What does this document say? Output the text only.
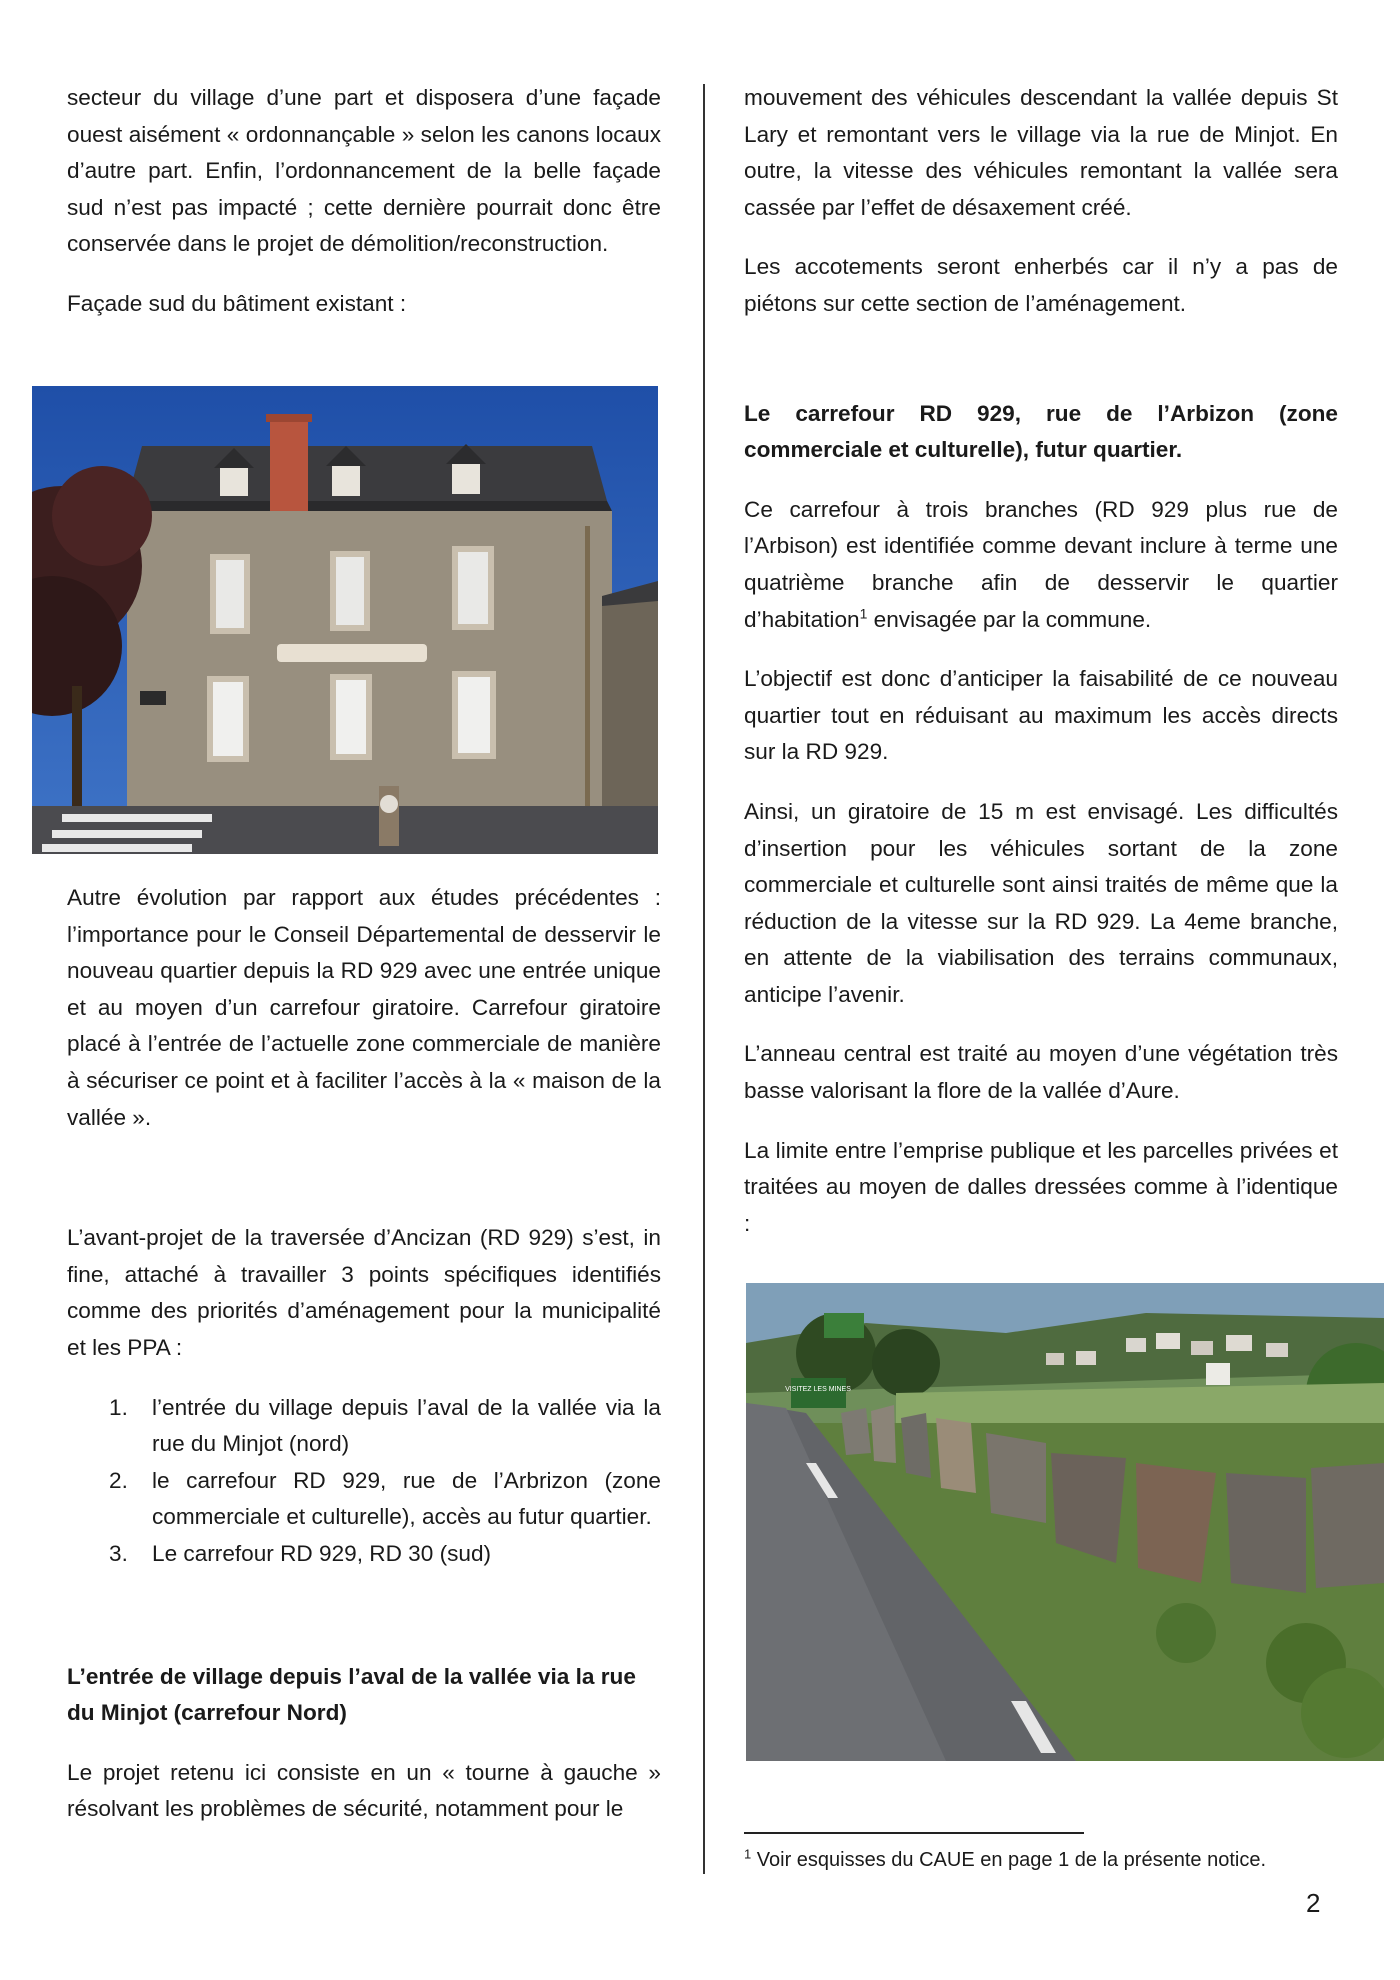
secteur du village d’une part et disposera d’une façade ouest aisément « ordonnançable » selon les canons locaux d’autre part. Enfin, l’ordonnancement de la belle façade sud n’est pas impacté ; cette dernière pourrait donc être conservée dans le projet de démolition/reconstruction.

Façade sud du bâtiment existant :

Autre évolution par rapport aux études précédentes : l’importance pour le Conseil Départemental de desservir le nouveau quartier depuis la RD 929 avec une entrée unique et au moyen d’un carrefour giratoire. Carrefour giratoire placé à l’entrée de l’actuelle zone commerciale de manière à sécuriser ce point et à faciliter l’accès à la « maison de la vallée ».

L’avant-projet de la traversée d’Ancizan (RD 929) s’est, in fine, attaché à travailler 3 points spécifiques identifiés comme des priorités d’aménagement pour la municipalité et les PPA :

1. l’entrée du village depuis l’aval de la vallée via la rue du Minjot (nord)
2. le carrefour RD 929, rue de l’Arbrizon (zone commerciale et culturelle), accès au futur quartier.
3. Le carrefour RD 929, RD 30 (sud)

L’entrée de village depuis l’aval de la vallée via la rue du Minjot (carrefour Nord)

Le projet retenu ici consiste en un « tourne à gauche » résolvant les problèmes de sécurité, notamment pour le

mouvement des véhicules descendant la vallée depuis St Lary et remontant vers le village via la rue de Minjot. En outre, la vitesse des véhicules remontant la vallée sera cassée par l’effet de désaxement créé.

Les accotements seront enherbés car il n’y a pas de piétons sur cette section de l’aménagement.

Le carrefour RD 929, rue de l’Arbizon (zone commerciale et culturelle), futur quartier.

Ce carrefour à trois branches (RD 929 plus rue de l’Arbison) est identifiée comme devant inclure à terme une quatrième branche afin de desservir le quartier d’habitation$^1$ envisagée par la commune.

L’objectif est donc d’anticiper la faisabilité de ce nouveau quartier tout en réduisant au maximum les accès directs sur la RD 929.

Ainsi, un giratoire de 15 m est envisagé. Les difficultés d’insertion pour les véhicules sortant de la zone commerciale et culturelle sont ainsi traités de même que la réduction de la vitesse sur la RD 929. La 4eme branche, en attente de la viabilisation des terrains communaux, anticipe l’avenir.

L’anneau central est traité au moyen d’une végétation très basse valorisant la flore de la vallée d’Aure.

La limite entre l’emprise publique et les parcelles privées et traitées au moyen de dalles dressées comme à l’identique :

VISITEZ LES MINES
$^1$ Voir esquisses du CAUE en page 1 de la présente notice.
2
